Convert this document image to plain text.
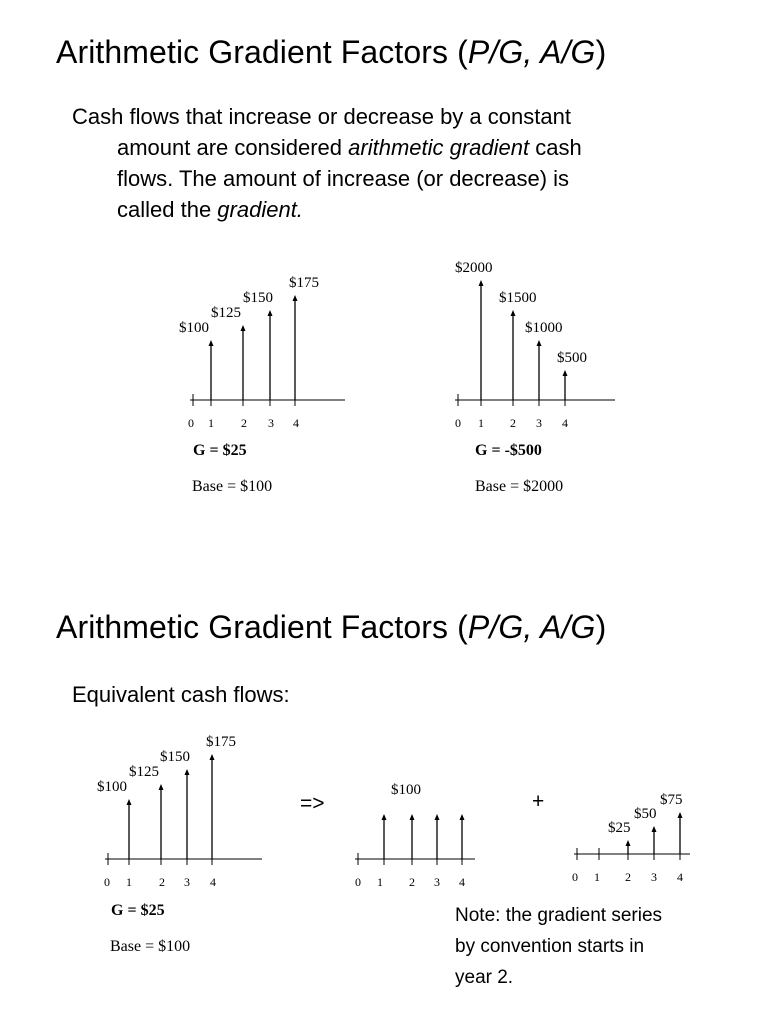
Arithmetic Gradient Factors (P/G, A/G)
Cash flows that increase or decrease by a constant
amount are considered arithmetic gradient cash
flows. The amount of increase (or decrease) is
called the gradient.
0 1
$100
2
$125
3
$150
4
$175
0 1
$2000
2
$1500
3
$1000
4
$500
0 1
$100
2
$125
3
$150
4
$175
0 1 2
$100
3 4	0 1 2
$25
3
$50
4
$75
G = $25
Base = $100
G = -$500
Base = $2000
Arithmetic Gradient Factors (P/G, A/G)
Equivalent cash flows:
=>	+
G = $25
Base = $100
Note: the gradient series
by convention starts in
year 2.
